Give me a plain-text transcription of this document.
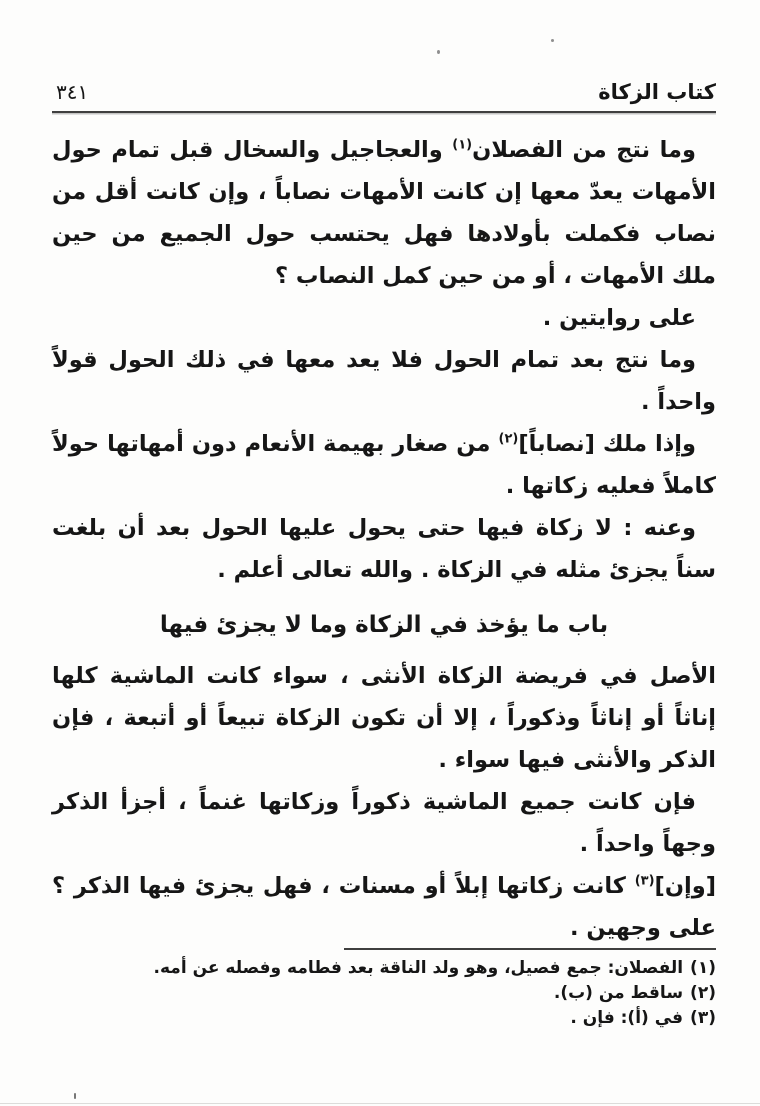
كتاب الزكاة
٣٤١

وما نتج من الفصلان$^{(١)}$ والعجاجيل والسخال قبل تمام حول الأمهات يعدّ معها إن كانت الأمهات نصاباً ، وإن كانت أقل من نصاب فكملت بأولادها فهل يحتسب حول الجميع من حين ملك الأمهات ، أو من حين كمل النصاب ؟

على روايتين .

وما نتج بعد تمام الحول فلا يعد معها في ذلك الحول قولاً واحداً .

وإذا ملك [نصاباً]$^{(٢)}$ من صغار بهيمة الأنعام دون أمهاتها حولاً كاملاً فعليه زكاتها .

وعنه : لا زكاة فيها حتى يحول عليها الحول بعد أن بلغت سناً يجزئ مثله في الزكاة . والله تعالى أعلم .

باب ما يؤخذ في الزكاة وما لا يجزئ فيها

الأصل في فريضة الزكاة الأنثى ، سواء كانت الماشية كلها إناثاً أو إناثاً وذكوراً ، إلا أن تكون الزكاة تبيعاً أو أتبعة ، فإن الذكر والأنثى فيها سواء .

فإن كانت جميع الماشية ذكوراً وزكاتها غنماً ، أجزأ الذكر وجهاً واحداً .

[وإن]$^{(٣)}$ كانت زكاتها إبلاً أو مسنات ، فهل يجزئ فيها الذكر ؟ على وجهين .

(١)الفصلان: جمع فصيل، وهو ولد الناقة بعد فطامه وفصله عن أمه.
(٢)ساقط من (ب).
(٣)في (أ): فإن .
